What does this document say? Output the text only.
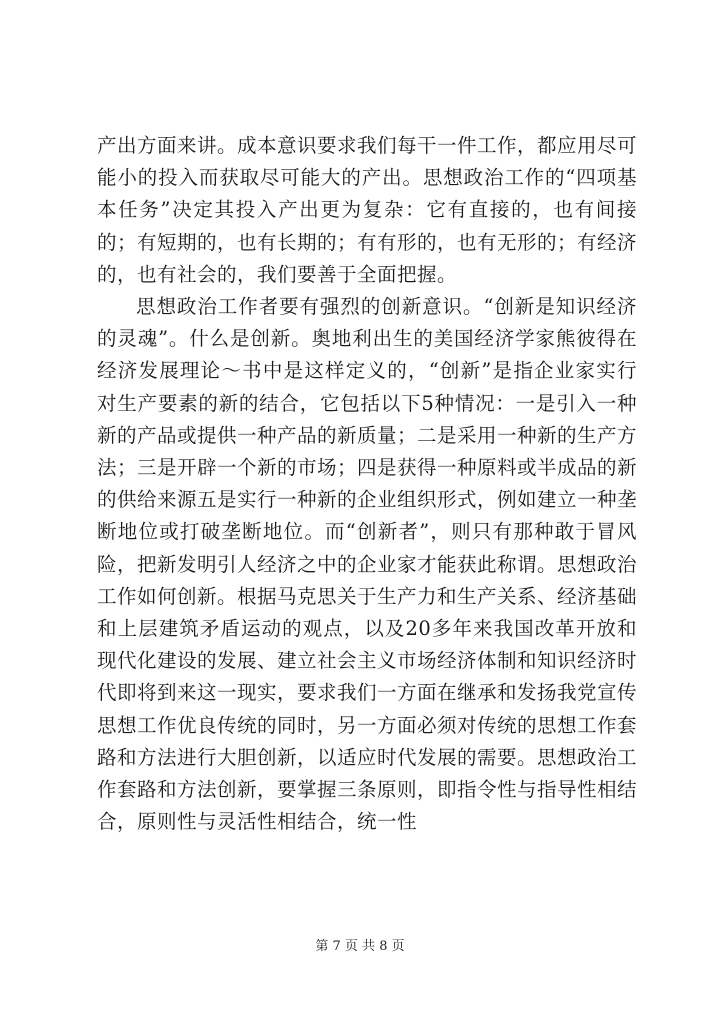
产出方面来讲。成本意识要求我们每干一件工作，都应用尽可能小的投入而获取尽可能大的产出。思想政治工作的“四项基本任务”决定其投入产出更为复杂：它有直接的，也有间接的；有短期的，也有长期的；有有形的，也有无形的；有经济的，也有社会的，我们要善于全面把握。

思想政治工作者要有强烈的创新意识。“创新是知识经济的灵魂”。什么是创新。奥地利出生的美国经济学家熊彼得在经济发展理论～书中是这样定义的，“创新”是指企业家实行对生产要素的新的结合，它包括以下5种情况：一是引入一种新的产品或提供一种产品的新质量；二是采用一种新的生产方法；三是开辟一个新的市场；四是获得一种原料或半成品的新的供给来源五是实行一种新的企业组织形式，例如建立一种垄断地位或打破垄断地位。而“创新者”，则只有那种敢于冒风险，把新发明引人经济之中的企业家才能获此称谓。思想政治工作如何创新。根据马克思关于生产力和生产关系、经济基础和上层建筑矛盾运动的观点，以及20多年来我国改革开放和现代化建设的发展、建立社会主义市场经济体制和知识经济时代即将到来这一现实，要求我们一方面在继承和发扬我党宣传思想工作优良传统的同时，另一方面必须对传统的思想工作套路和方法进行大胆创新，以适应时代发展的需要。思想政治工作套路和方法创新，要掌握三条原则，即指令性与指导性相结合，原则性与灵活性相结合，统一性

第 7 页 共 8 页
